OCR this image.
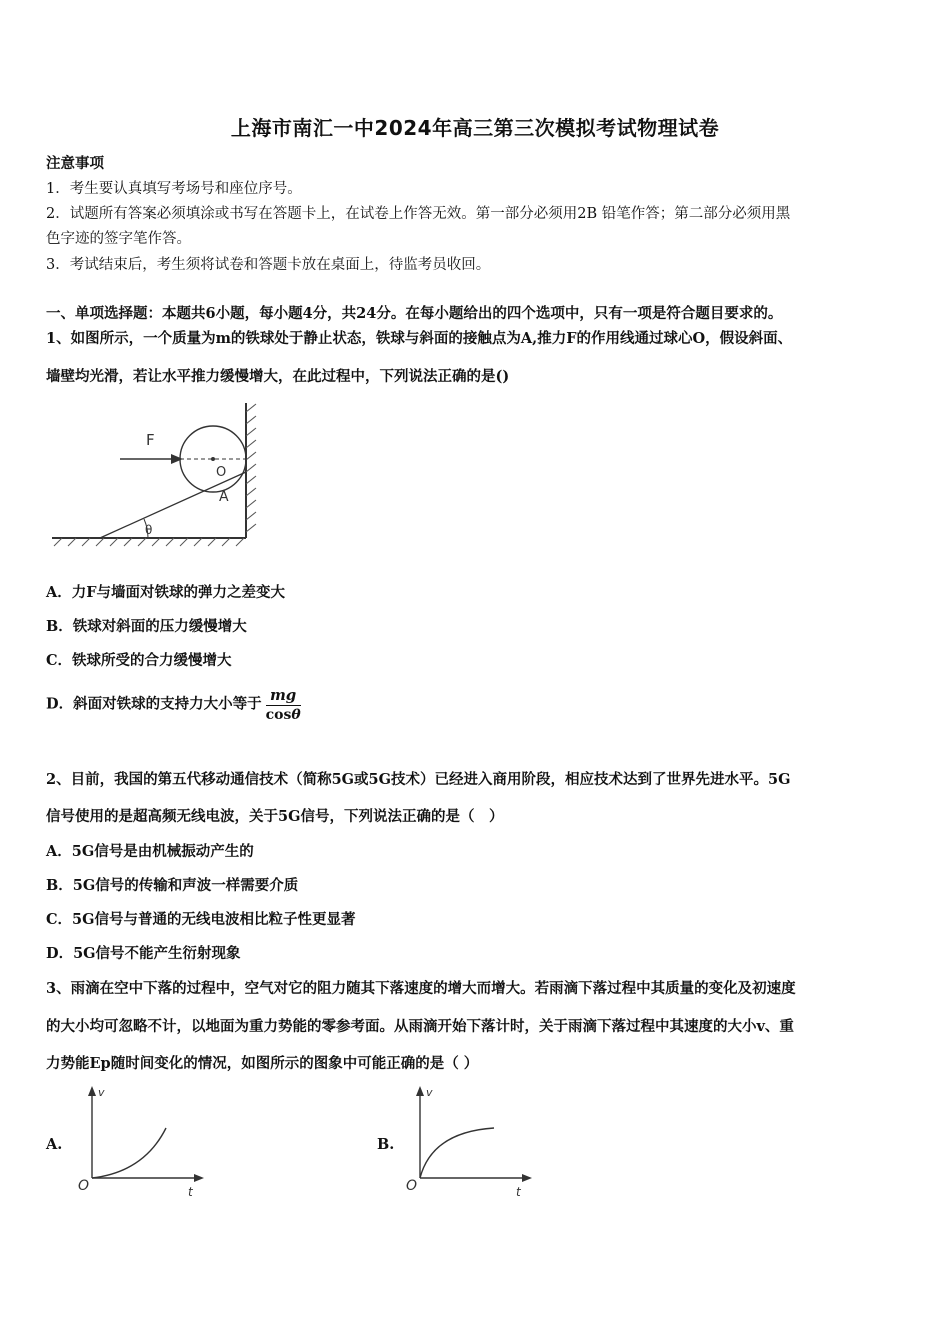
上海市南汇一中2024年高三第三次模拟考试物理试卷
注意事项
1．考生要认真填写考场号和座位序号。
2．试题所有答案必须填涂或书写在答题卡上，在试卷上作答无效。第一部分必须用2B 铅笔作答；第二部分必须用黑
色字迹的签字笔作答。
3．考试结束后，考生须将试卷和答题卡放在桌面上，待监考员收回。
一、单项选择题：本题共6小题，每小题4分，共24分。在每小题给出的四个选项中，只有一项是符合题目要求的。
1、如图所示，一个质量为m的铁球处于静止状态，铁球与斜面的接触点为A,推力F的作用线通过球心O，假设斜面、
墙壁均光滑，若让水平推力缓慢增大，在此过程中，下列说法正确的是()
F
O
A
θ
A．力F与墙面对铁球的弹力之差变大
B．铁球对斜面的压力缓慢增大
C．铁球所受的合力缓慢增大
D．斜面对铁球的支持力大小等于 $\frac{mg}{\cos\theta}$
2、目前，我国的第五代移动通信技术（简称5G或5G技术）已经进入商用阶段，相应技术达到了世界先进水平。5G
信号使用的是超高频无线电波，关于5G信号，下列说法正确的是（　）
A．5G信号是由机械振动产生的
B．5G信号的传输和声波一样需要介质
C．5G信号与普通的无线电波相比粒子性更显著
D．5G信号不能产生衍射现象
3、雨滴在空中下落的过程中，空气对它的阻力随其下落速度的增大而增大。若雨滴下落过程中其质量的变化及初速度
的大小均可忽略不计，以地面为重力势能的零参考面。从雨滴开始下落计时，关于雨滴下落过程中其速度的大小v、重
力势能Ep随时间变化的情况，如图所示的图象中可能正确的是（ ）
A.
v
t
O
B.
v
t
O
